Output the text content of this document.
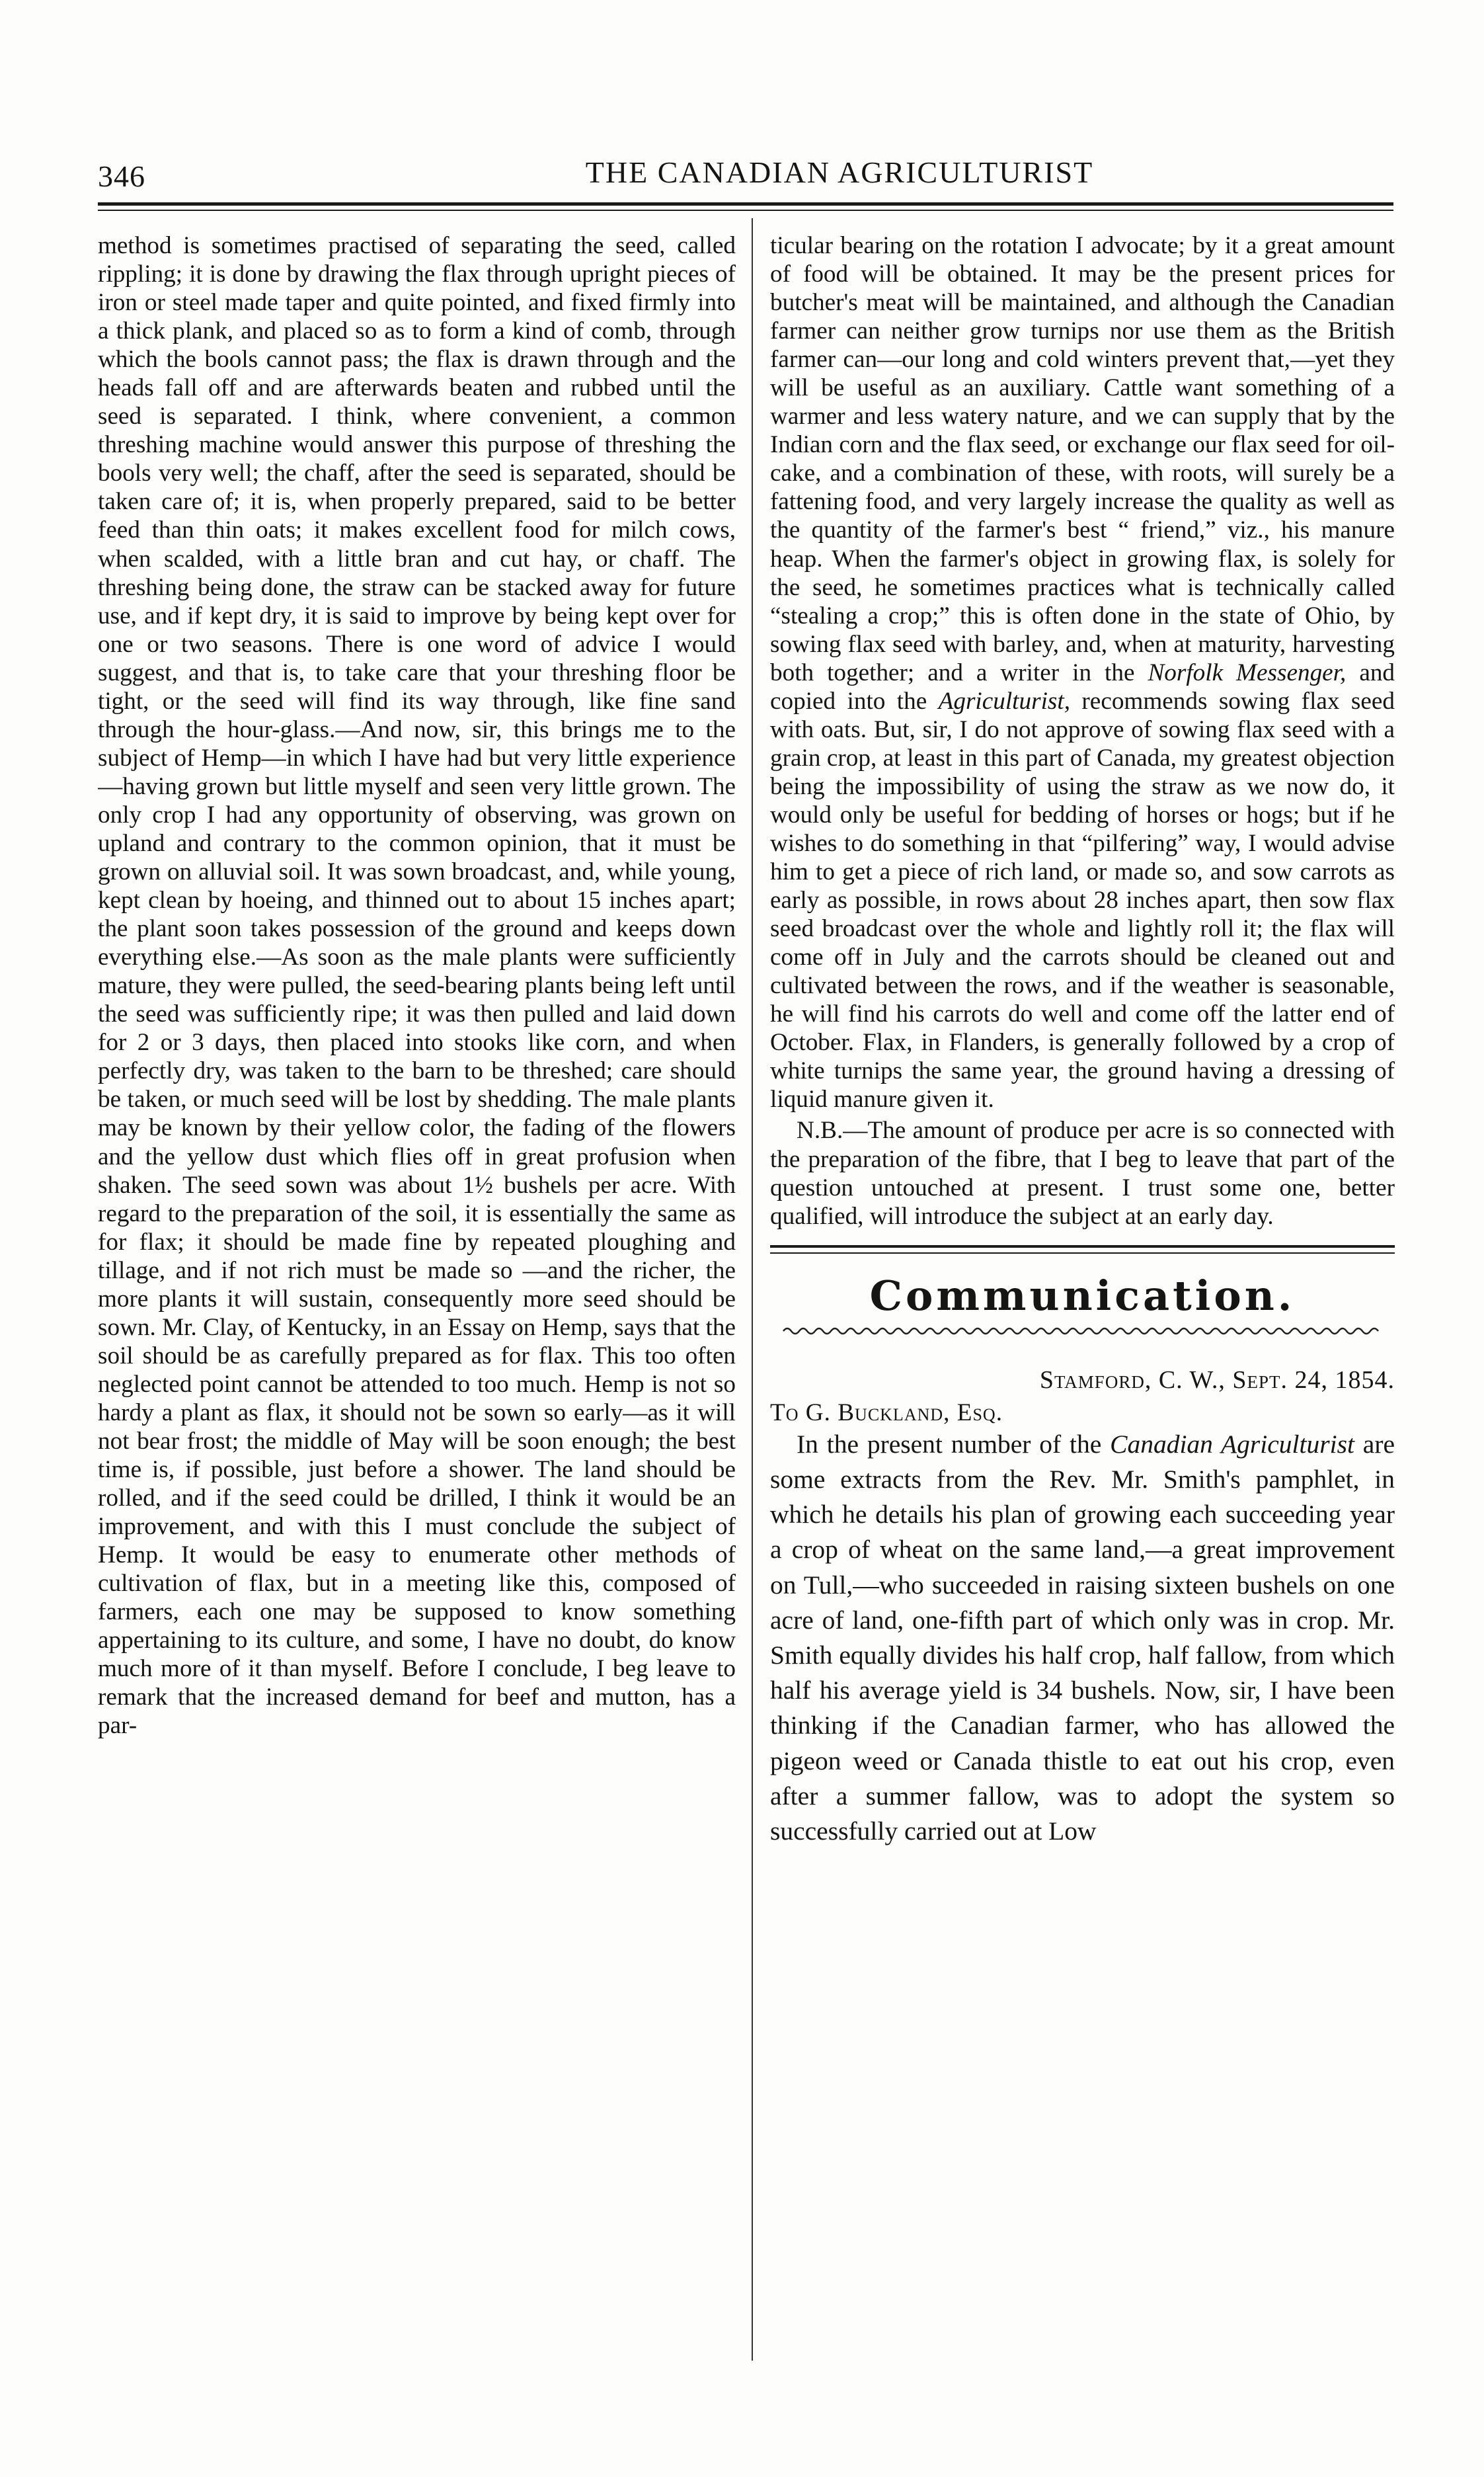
346	THE CANADIAN AGRICULTURIST

method is sometimes practised of separating the seed, called rippling; it is done by drawing the flax through upright pieces of iron or steel made taper and quite pointed, and fixed firmly into a thick plank, and placed so as to form a kind of comb, through which the bools cannot pass; the flax is drawn through and the heads fall off and are afterwards beaten and rubbed until the seed is separated. I think, where convenient, a common threshing machine would answer this purpose of threshing the bools very well; the chaff, after the seed is separated, should be taken care of; it is, when properly prepared, said to be better feed than thin oats; it makes excellent food for milch cows, when scalded, with a little bran and cut hay, or chaff. The threshing being done, the straw can be stacked away for future use, and if kept dry, it is said to improve by being kept over for one or two seasons. There is one word of advice I would suggest, and that is, to take care that your threshing floor be tight, or the seed will find its way through, like fine sand through the hour-glass.—And now, sir, this brings me to the subject of Hemp—in which I have had but very little experience—having grown but little myself and seen very little grown. The only crop I had any opportunity of observing, was grown on upland and contrary to the common opinion, that it must be grown on alluvial soil. It was sown broadcast, and, while young, kept clean by hoeing, and thinned out to about 15 inches apart; the plant soon takes possession of the ground and keeps down everything else.—As soon as the male plants were sufficiently mature, they were pulled, the seed-bearing plants being left until the seed was sufficiently ripe; it was then pulled and laid down for 2 or 3 days, then placed into stooks like corn, and when perfectly dry, was taken to the barn to be threshed; care should be taken, or much seed will be lost by shedding. The male plants may be known by their yellow color, the fading of the flowers and the yellow dust which flies off in great profusion when shaken. The seed sown was about 1½ bushels per acre. With regard to the preparation of the soil, it is essentially the same as for flax; it should be made fine by repeated ploughing and tillage, and if not rich must be made so —and the richer, the more plants it will sustain, consequently more seed should be sown. Mr. Clay, of Kentucky, in an Essay on Hemp, says that the soil should be as carefully prepared as for flax. This too often neglected point cannot be attended to too much. Hemp is not so hardy a plant as flax, it should not be sown so early—as it will not bear frost; the middle of May will be soon enough; the best time is, if possible, just before a shower. The land should be rolled, and if the seed could be drilled, I think it would be an improvement, and with this I must conclude the subject of Hemp. It would be easy to enumerate other methods of cultivation of flax, but in a meeting like this, composed of farmers, each one may be supposed to know something appertaining to its culture, and some, I have no doubt, do know much more of it than myself. Before I conclude, I beg leave to remark that the increased demand for beef and mutton, has a par-

ticular bearing on the rotation I advocate; by it a great amount of food will be obtained. It may be the present prices for butcher's meat will be maintained, and although the Canadian farmer can neither grow turnips nor use them as the British farmer can—our long and cold winters prevent that,—yet they will be useful as an auxiliary. Cattle want something of a warmer and less watery nature, and we can supply that by the Indian corn and the flax seed, or exchange our flax seed for oil-cake, and a combination of these, with roots, will surely be a fattening food, and very largely increase the quality as well as the quantity of the farmer's best “ friend,” viz., his manure heap. When the farmer's object in growing flax, is solely for the seed, he sometimes practices what is technically called “stealing a crop;” this is often done in the state of Ohio, by sowing flax seed with barley, and, when at maturity, harvesting both together; and a writer in the Norfolk Messenger, and copied into the Agriculturist, recommends sowing flax seed with oats. But, sir, I do not approve of sowing flax seed with a grain crop, at least in this part of Canada, my greatest objection being the impossibility of using the straw as we now do, it would only be useful for bedding of horses or hogs; but if he wishes to do something in that “pilfering” way, I would advise him to get a piece of rich land, or made so, and sow carrots as early as possible, in rows about 28 inches apart, then sow flax seed broadcast over the whole and lightly roll it; the flax will come off in July and the carrots should be cleaned out and cultivated between the rows, and if the weather is seasonable, he will find his carrots do well and come off the latter end of October. Flax, in Flanders, is generally followed by a crop of white turnips the same year, the ground having a dressing of liquid manure given it.

N.B.—The amount of produce per acre is so connected with the preparation of the fibre, that I beg to leave that part of the question untouched at present. I trust some one, better qualified, will introduce the subject at an early day.

Communication.
Stamford, C. W., Sept. 24, 1854.
To G. Buckland, Esq.

In the present number of the Canadian Agriculturist are some extracts from the Rev. Mr. Smith's pamphlet, in which he details his plan of growing each succeeding year a crop of wheat on the same land,—a great improvement on Tull,—who succeeded in raising sixteen bushels on one acre of land, one-fifth part of which only was in crop. Mr. Smith equally divides his half crop, half fallow, from which half his average yield is 34 bushels. Now, sir, I have been thinking if the Canadian farmer, who has allowed the pigeon weed or Canada thistle to eat out his crop, even after a summer fallow, was to adopt the system so successfully carried out at Low
